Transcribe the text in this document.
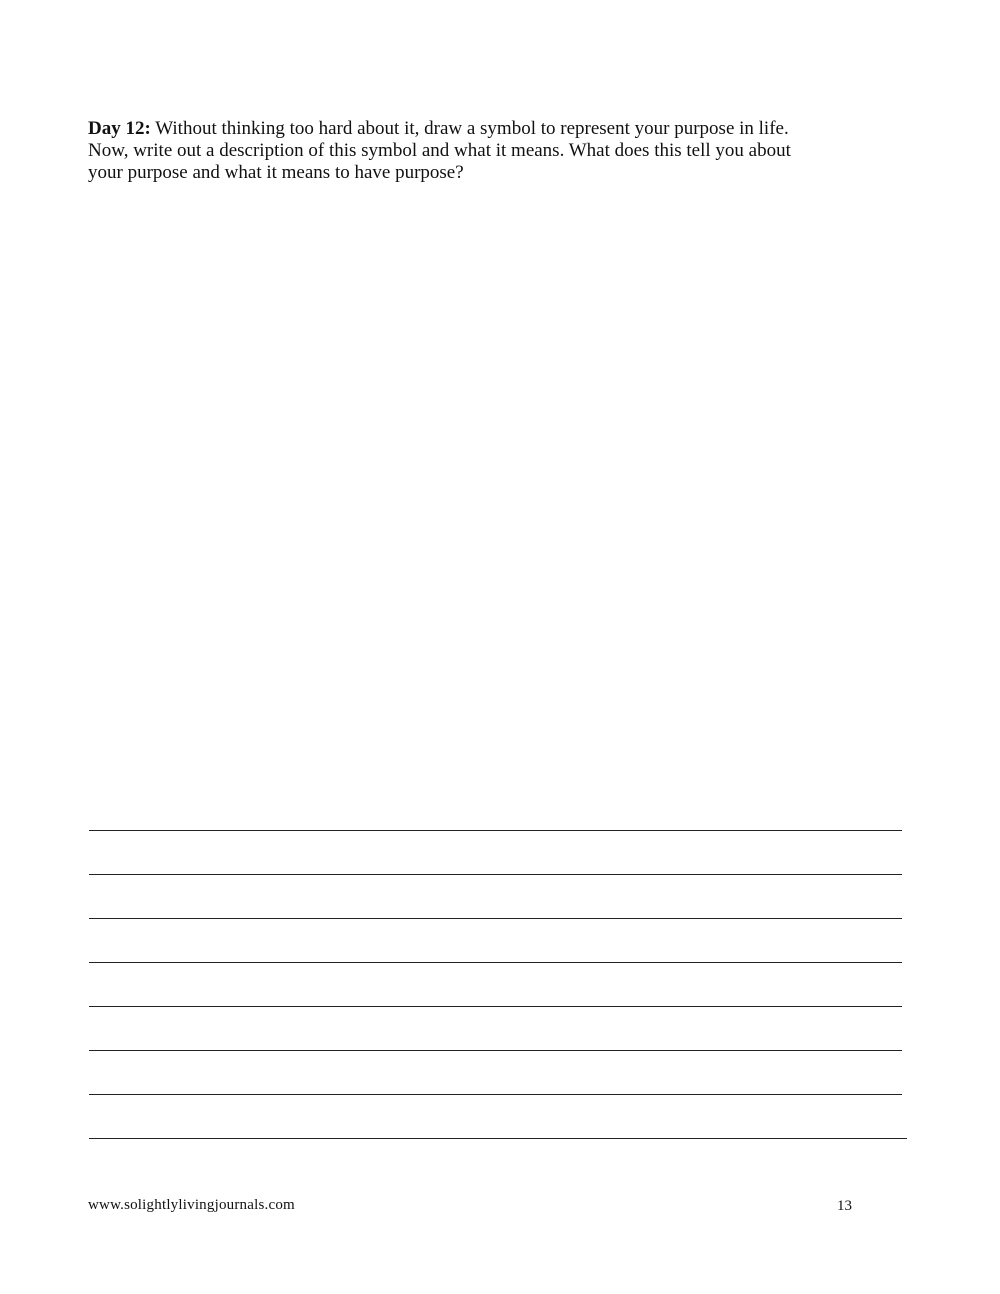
Day 12: Without thinking too hard about it, draw a symbol to represent your purpose in life.
Now, write out a description of this symbol and what it means. What does this tell you about
your purpose and what it means to have purpose?
www.solightlylivingjournals.com	13
